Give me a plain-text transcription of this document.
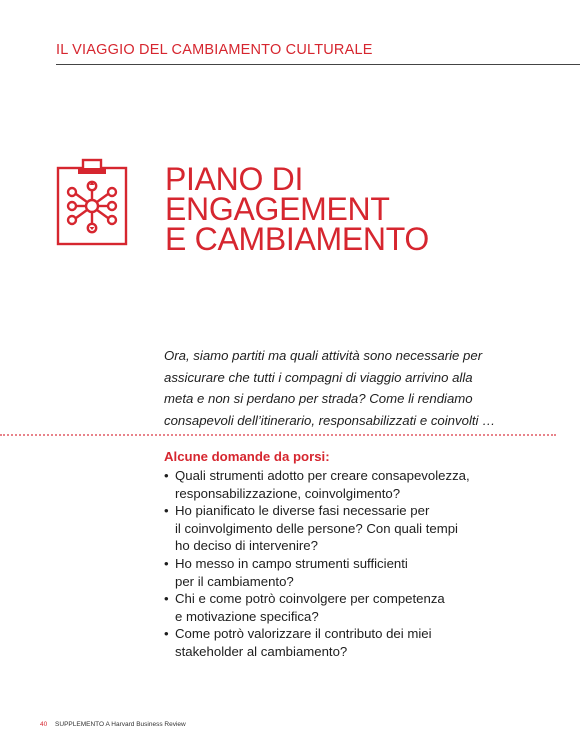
IL VIAGGIO DEL CAMBIAMENTO CULTURALE
PIANO DI
ENGAGEMENT
E CAMBIAMENTO

Ora, siamo partiti ma quali attività sono necessarie per
assicurare che tutti i compagni di viaggio arrivino alla
meta e non si perdano per strada? Come li rendiamo
consapevoli dell’itinerario, responsabilizzati e coinvolti …

Alcune domande da porsi:
• Quali strumenti adotto per creare consapevolezza,
responsabilizzazione, coinvolgimento?
• Ho pianificato le diverse fasi necessarie per
il coinvolgimento delle persone? Con quali tempi
ho deciso di intervenire?
• Ho messo in campo strumenti sufficienti
per il cambiamento?
• Chi e come potrò coinvolgere per competenza
e motivazione specifica?
• Come potrò valorizzare il contributo dei miei
stakeholder al cambiamento?
40 SUPPLEMENTO A Harvard Business Review
